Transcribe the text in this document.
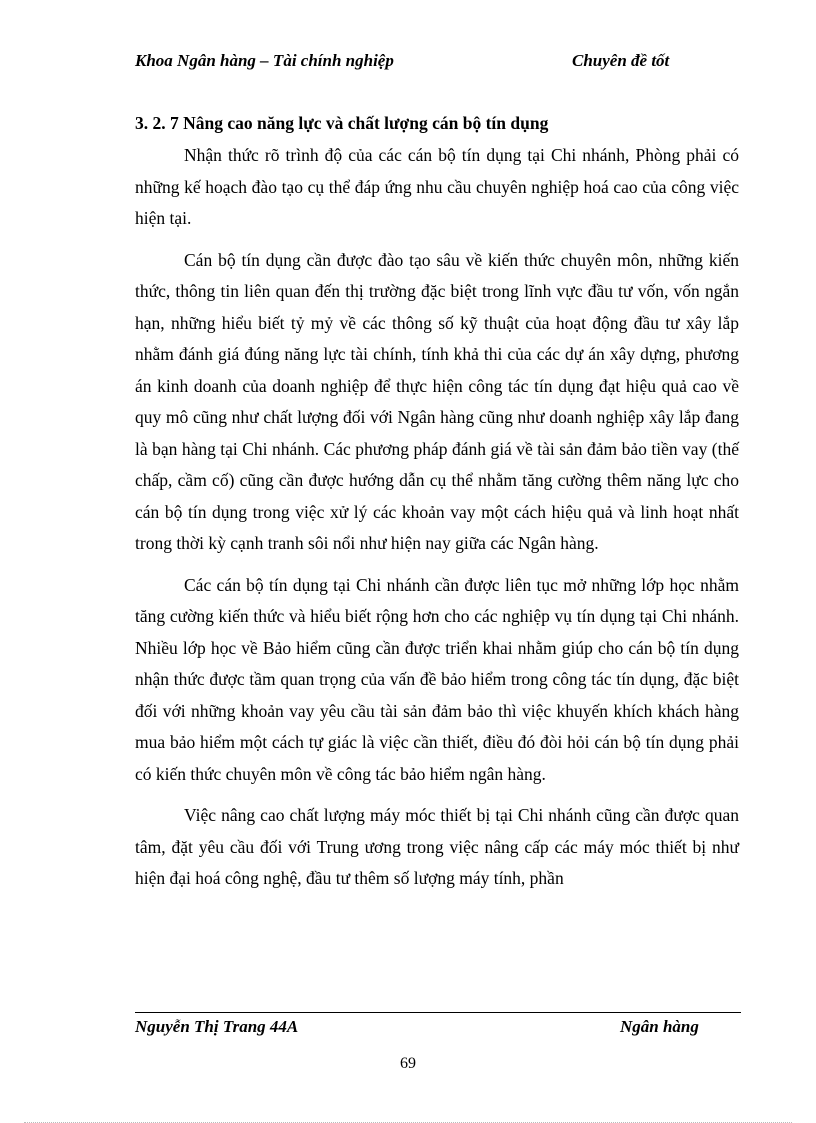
Khoa Ngân hàng – Tài chính nghiệp	Chuyên đề tốt
3. 2. 7 Nâng cao năng lực và chất lượng cán bộ tín dụng

Nhận thức rõ trình độ của các cán bộ tín dụng tại Chi nhánh, Phòng phải có những kế hoạch đào tạo cụ thể đáp ứng nhu cầu chuyên nghiệp hoá cao của công việc hiện tại.

Cán bộ tín dụng cần được đào tạo sâu về kiến thức chuyên môn, những kiến thức, thông tin liên quan đến thị trường đặc biệt trong lĩnh vực đầu tư vốn, vốn ngắn hạn, những hiểu biết tỷ mỷ về các thông số kỹ thuật của hoạt động đầu tư xây lắp nhằm đánh giá đúng năng lực tài chính, tính khả thi của các dự án xây dựng, phương án kinh doanh của doanh nghiệp để thực hiện công tác tín dụng đạt hiệu quả cao về quy mô cũng như chất lượng đối với Ngân hàng cũng như doanh nghiệp xây lắp đang là bạn hàng tại Chi nhánh. Các phương pháp đánh giá về tài sản đảm bảo tiền vay (thế chấp, cầm cố) cũng cần được hướng dẫn cụ thể nhằm tăng cường thêm năng lực cho cán bộ tín dụng trong việc xử lý các khoản vay một cách hiệu quả và linh hoạt nhất trong thời kỳ cạnh tranh sôi nổi như hiện nay giữa các Ngân hàng.

Các cán bộ tín dụng tại Chi nhánh cần được liên tục mở những lớp học nhằm tăng cường kiến thức và hiểu biết rộng hơn cho các nghiệp vụ tín dụng tại Chi nhánh. Nhiều lớp học về Bảo hiểm cũng cần được triển khai nhằm giúp cho cán bộ tín dụng nhận thức được tầm quan trọng của vấn đề bảo hiểm trong công tác tín dụng, đặc biệt đối với những khoản vay yêu cầu tài sản đảm bảo thì việc khuyến khích khách hàng mua bảo hiểm một cách tự giác là việc cần thiết, điều đó đòi hỏi cán bộ tín dụng phải có kiến thức chuyên môn về công tác bảo hiểm ngân hàng.

Việc nâng cao chất lượng máy móc thiết bị tại Chi nhánh cũng cần được quan tâm, đặt yêu cầu đối với Trung ương trong việc nâng cấp các máy móc thiết bị như hiện đại hoá công nghệ, đầu tư thêm số lượng máy tính, phần

Nguyễn Thị Trang 44A	Ngân hàng
69
